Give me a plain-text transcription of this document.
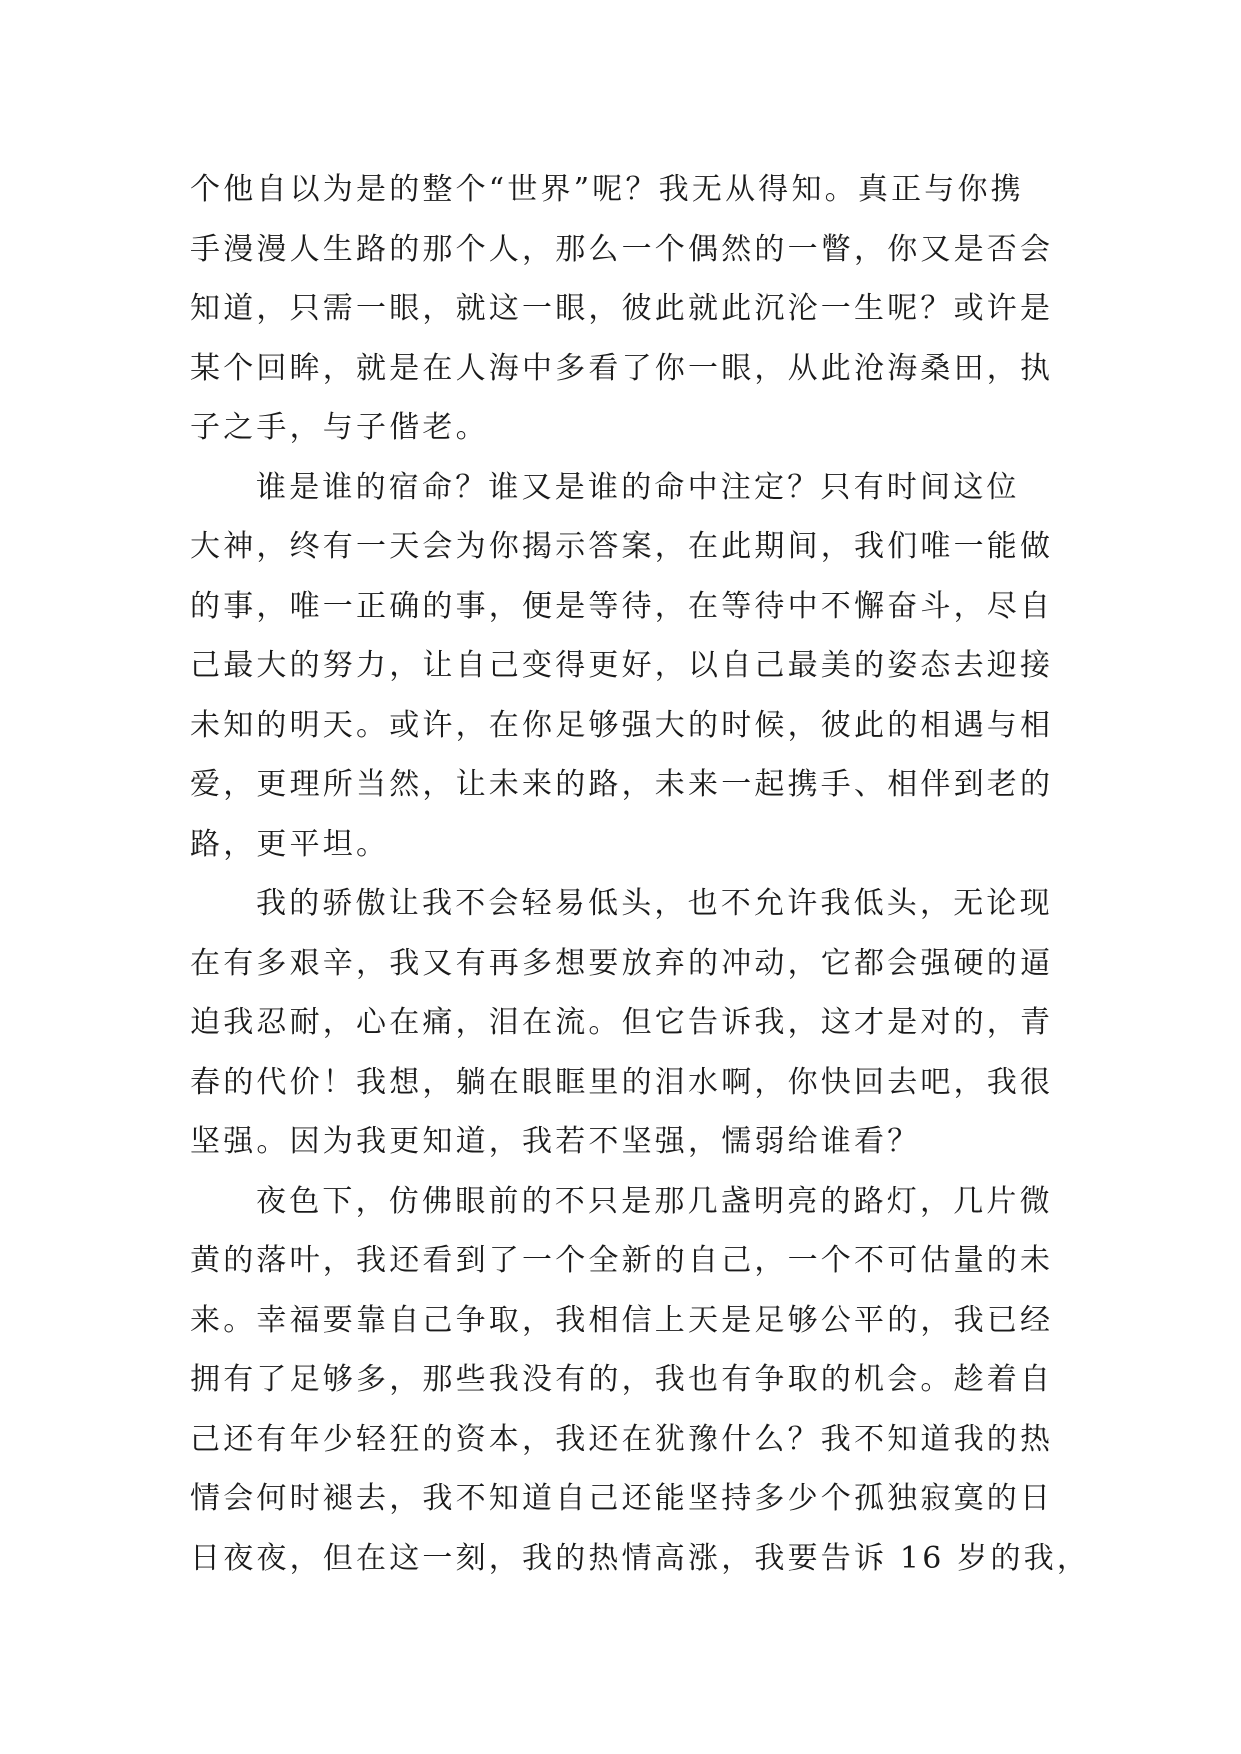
个他自以为是的整个“世界”呢？我无从得知。真正与你携
手漫漫人生路的那个人，那么一个偶然的一瞥，你又是否会
知道，只需一眼，就这一眼，彼此就此沉沦一生呢？或许是
某个回眸，就是在人海中多看了你一眼，从此沧海桑田，执
子之手，与子偕老。

谁是谁的宿命？谁又是谁的命中注定？只有时间这位
大神，终有一天会为你揭示答案，在此期间，我们唯一能做
的事，唯一正确的事，便是等待，在等待中不懈奋斗，尽自
己最大的努力，让自己变得更好，以自己最美的姿态去迎接
未知的明天。或许，在你足够强大的时候，彼此的相遇与相
爱，更理所当然，让未来的路，未来一起携手、相伴到老的
路，更平坦。

我的骄傲让我不会轻易低头，也不允许我低头，无论现
在有多艰辛，我又有再多想要放弃的冲动，它都会强硬的逼
迫我忍耐，心在痛，泪在流。但它告诉我，这才是对的，青
春的代价！我想，躺在眼眶里的泪水啊，你快回去吧，我很
坚强。因为我更知道，我若不坚强，懦弱给谁看？

夜色下，仿佛眼前的不只是那几盏明亮的路灯，几片微
黄的落叶，我还看到了一个全新的自己，一个不可估量的未
来。幸福要靠自己争取，我相信上天是足够公平的，我已经
拥有了足够多，那些我没有的，我也有争取的机会。趁着自
己还有年少轻狂的资本，我还在犹豫什么？我不知道我的热
情会何时褪去，我不知道自己还能坚持多少个孤独寂寞的日
日夜夜，但在这一刻，我的热情高涨，我要告诉 16 岁的我，
